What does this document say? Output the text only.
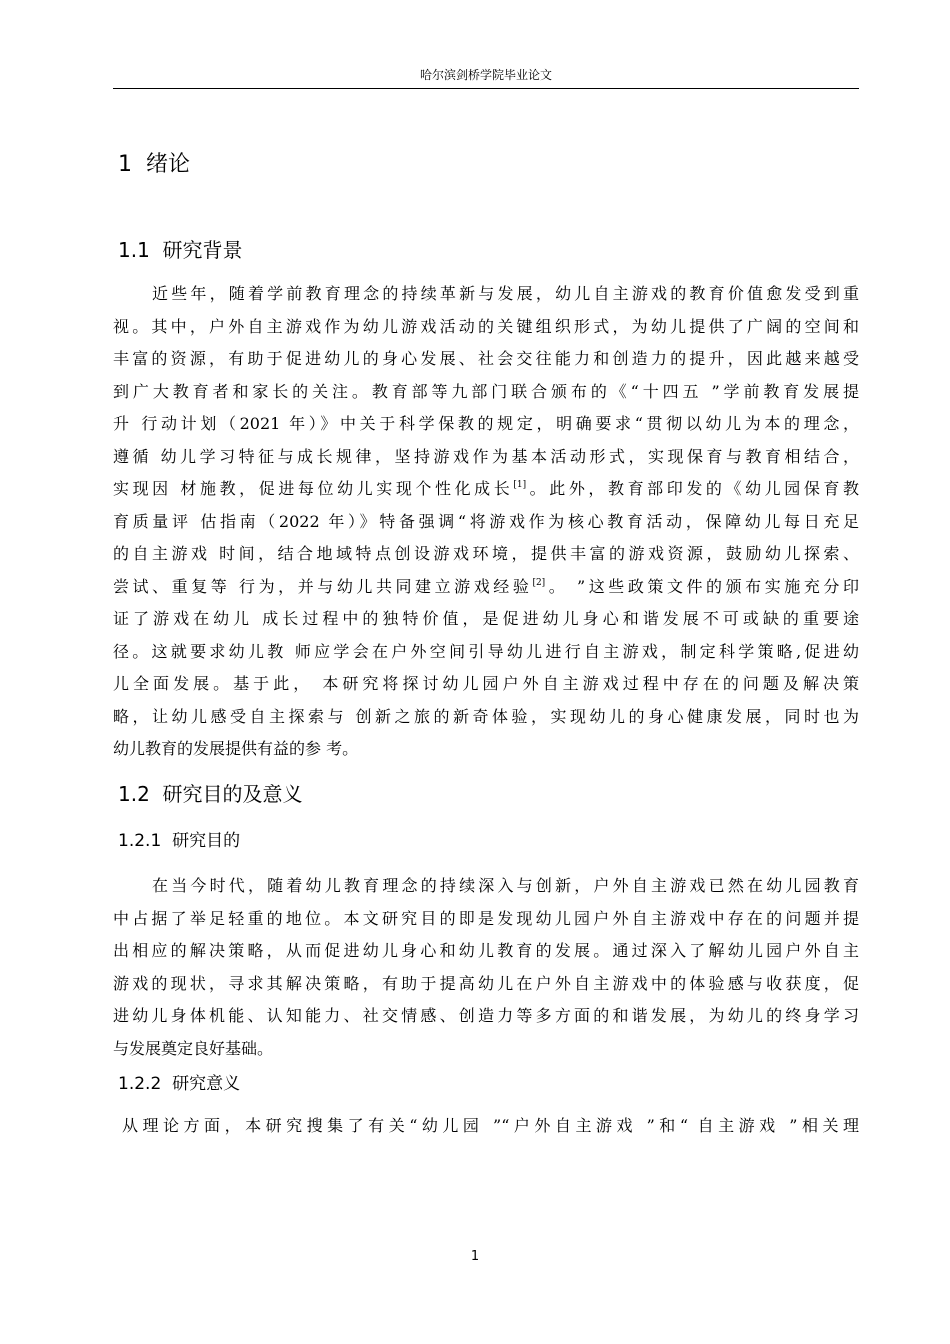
哈尔滨剑桥学院毕业论文
1 绪论
1.1 研究背景
近些年，随着学前教育理念的持续革新与发展，幼儿自主游戏的教育价值愈发受到重
视。其中，户外自主游戏作为幼儿游戏活动的关键组织形式，为幼儿提供了广阔的空间和
丰富的资源，有助于促进幼儿的身心发展、社会交往能力和创造力的提升，因此越来越受
到广大教育者和家长的关注。教育部等九部门联合颁布的《“十四五 ”学前教育发展提
升 行动计划（2021 年）》中关于科学保教的规定，明确要求“贯彻以幼儿为本的理念，
遵循 幼儿学习特征与成长规律，坚持游戏作为基本活动形式，实现保育与教育相结合，
实现因 材施教，促进每位幼儿实现个性化成长[1]。此外，教育部印发的《幼儿园保育教
育质量评 估指南（2022 年）》特备强调“将游戏作为核心教育活动，保障幼儿每日充足
的自主游戏 时间，结合地域特点创设游戏环境，提供丰富的游戏资源，鼓励幼儿探索、
尝试、重复等 行为，并与幼儿共同建立游戏经验[2]。 ”这些政策文件的颁布实施充分印
证了游戏在幼儿 成长过程中的独特价值，是促进幼儿身心和谐发展不可或缺的重要途
径。这就要求幼儿教 师应学会在户外空间引导幼儿进行自主游戏，制定科学策略,促进幼
儿全面发展。基于此， 本研究将探讨幼儿园户外自主游戏过程中存在的问题及解决策
略，让幼儿感受自主探索与 创新之旅的新奇体验，实现幼儿的身心健康发展，同时也为
幼儿教育的发展提供有益的参 考。
1.2 研究目的及意义
1.2.1 研究目的
在当今时代，随着幼儿教育理念的持续深入与创新，户外自主游戏已然在幼儿园教育
中占据了举足轻重的地位。本文研究目的即是发现幼儿园户外自主游戏中存在的问题并提
出相应的解决策略，从而促进幼儿身心和幼儿教育的发展。通过深入了解幼儿园户外自主
游戏的现状，寻求其解决策略，有助于提高幼儿在户外自主游戏中的体验感与收获度，促
进幼儿身体机能、认知能力、社交情感、创造力等多方面的和谐发展，为幼儿的终身学习
与发展奠定良好基础。
1.2.2 研究意义
从理论方面，本研究搜集了有关“幼儿园 ”“户外自主游戏 ”和“ 自主游戏 ”相关理
1
